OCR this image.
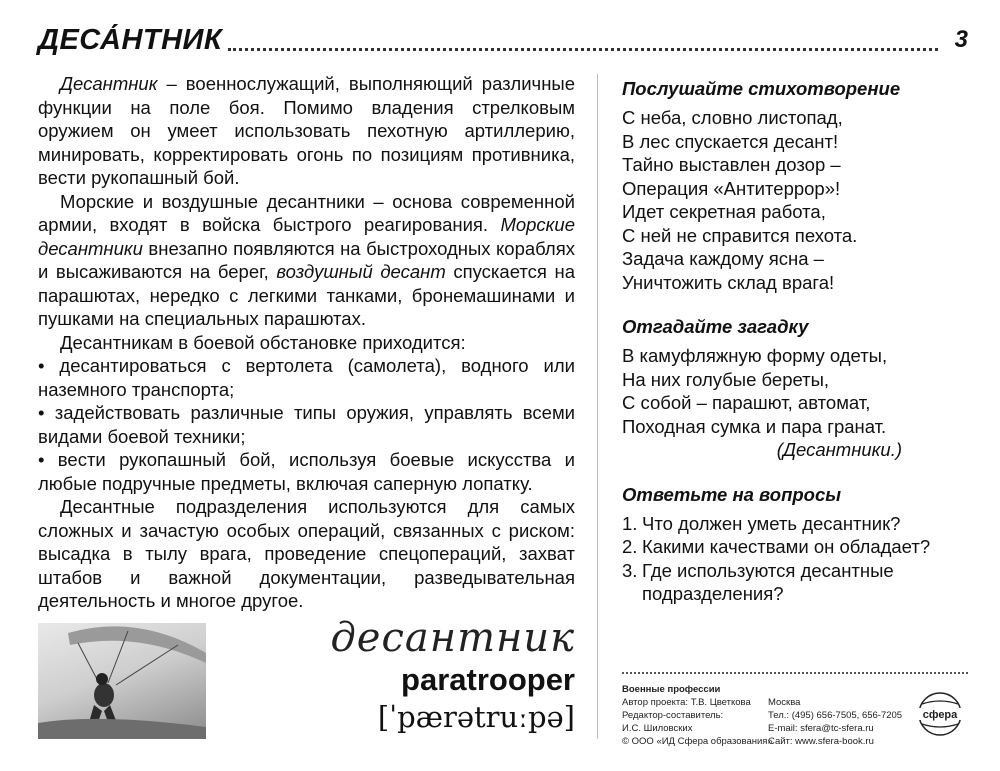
ДЕСА́НТНИК	3

Десантник – военнослужащий, выполняющий различные функции на поле боя. Помимо владения стрелковым оружием он умеет использовать пехотную артиллерию, минировать, корректировать огонь по позициям противника, вести рукопашный бой.

Морские и воздушные десантники – основа современной армии, входят в войска быстрого реагирования. Морские десантники внезапно появляются на быстроходных кораблях и высаживаются на берег, воздушный десант спускается на парашютах, нередко с легкими танками, бронемашинами и пушками на специальных парашютах.

Десантникам в боевой обстановке приходится:

• десантироваться с вертолета (самолета), водного или наземного транспорта;

• задействовать различные типы оружия, управлять всеми видами боевой техники;

• вести рукопашный бой, используя боевые искусства и любые подручные предметы, включая саперную лопатку.

Десантные подразделения используются для самых сложных и зачастую особых операций, связанных с риском: высадка в тылу врага, проведение спецопераций, захват штабов и важной документации, разведывательная деятельность и многое другое.

Послушайте стихотворение
С неба, словно листопад,
В лес спускается десант!
Тайно выставлен дозор –
Операция «Антитеррор»!
Идет секретная работа,
С ней не справится пехота.
Задача каждому ясна –
Уничтожить склад врага!
Отгадайте загадку
В камуфляжную форму одеты,
На них голубые береты,
С собой – парашют, автомат,
Походная сумка и пара гранат.
(Десантники.)
Ответьте на вопросы
1. Что должен уметь десантник?
2. Какими качествами он обладает?
3. Где используются десантные подразделения?
десантник
paratrooper
[ˈpærətruːpə]
Военные профессии
Автор проекта: Т.В. Цветкова
Редактор-составитель:
И.С. Шиловских
© ООО «ИД Сфера образования»
Москва
Тел.: (495) 656-7505, 656-7205
E-mail: sfera@tc-sfera.ru
Сайт: www.sfera-book.ru
сфера
